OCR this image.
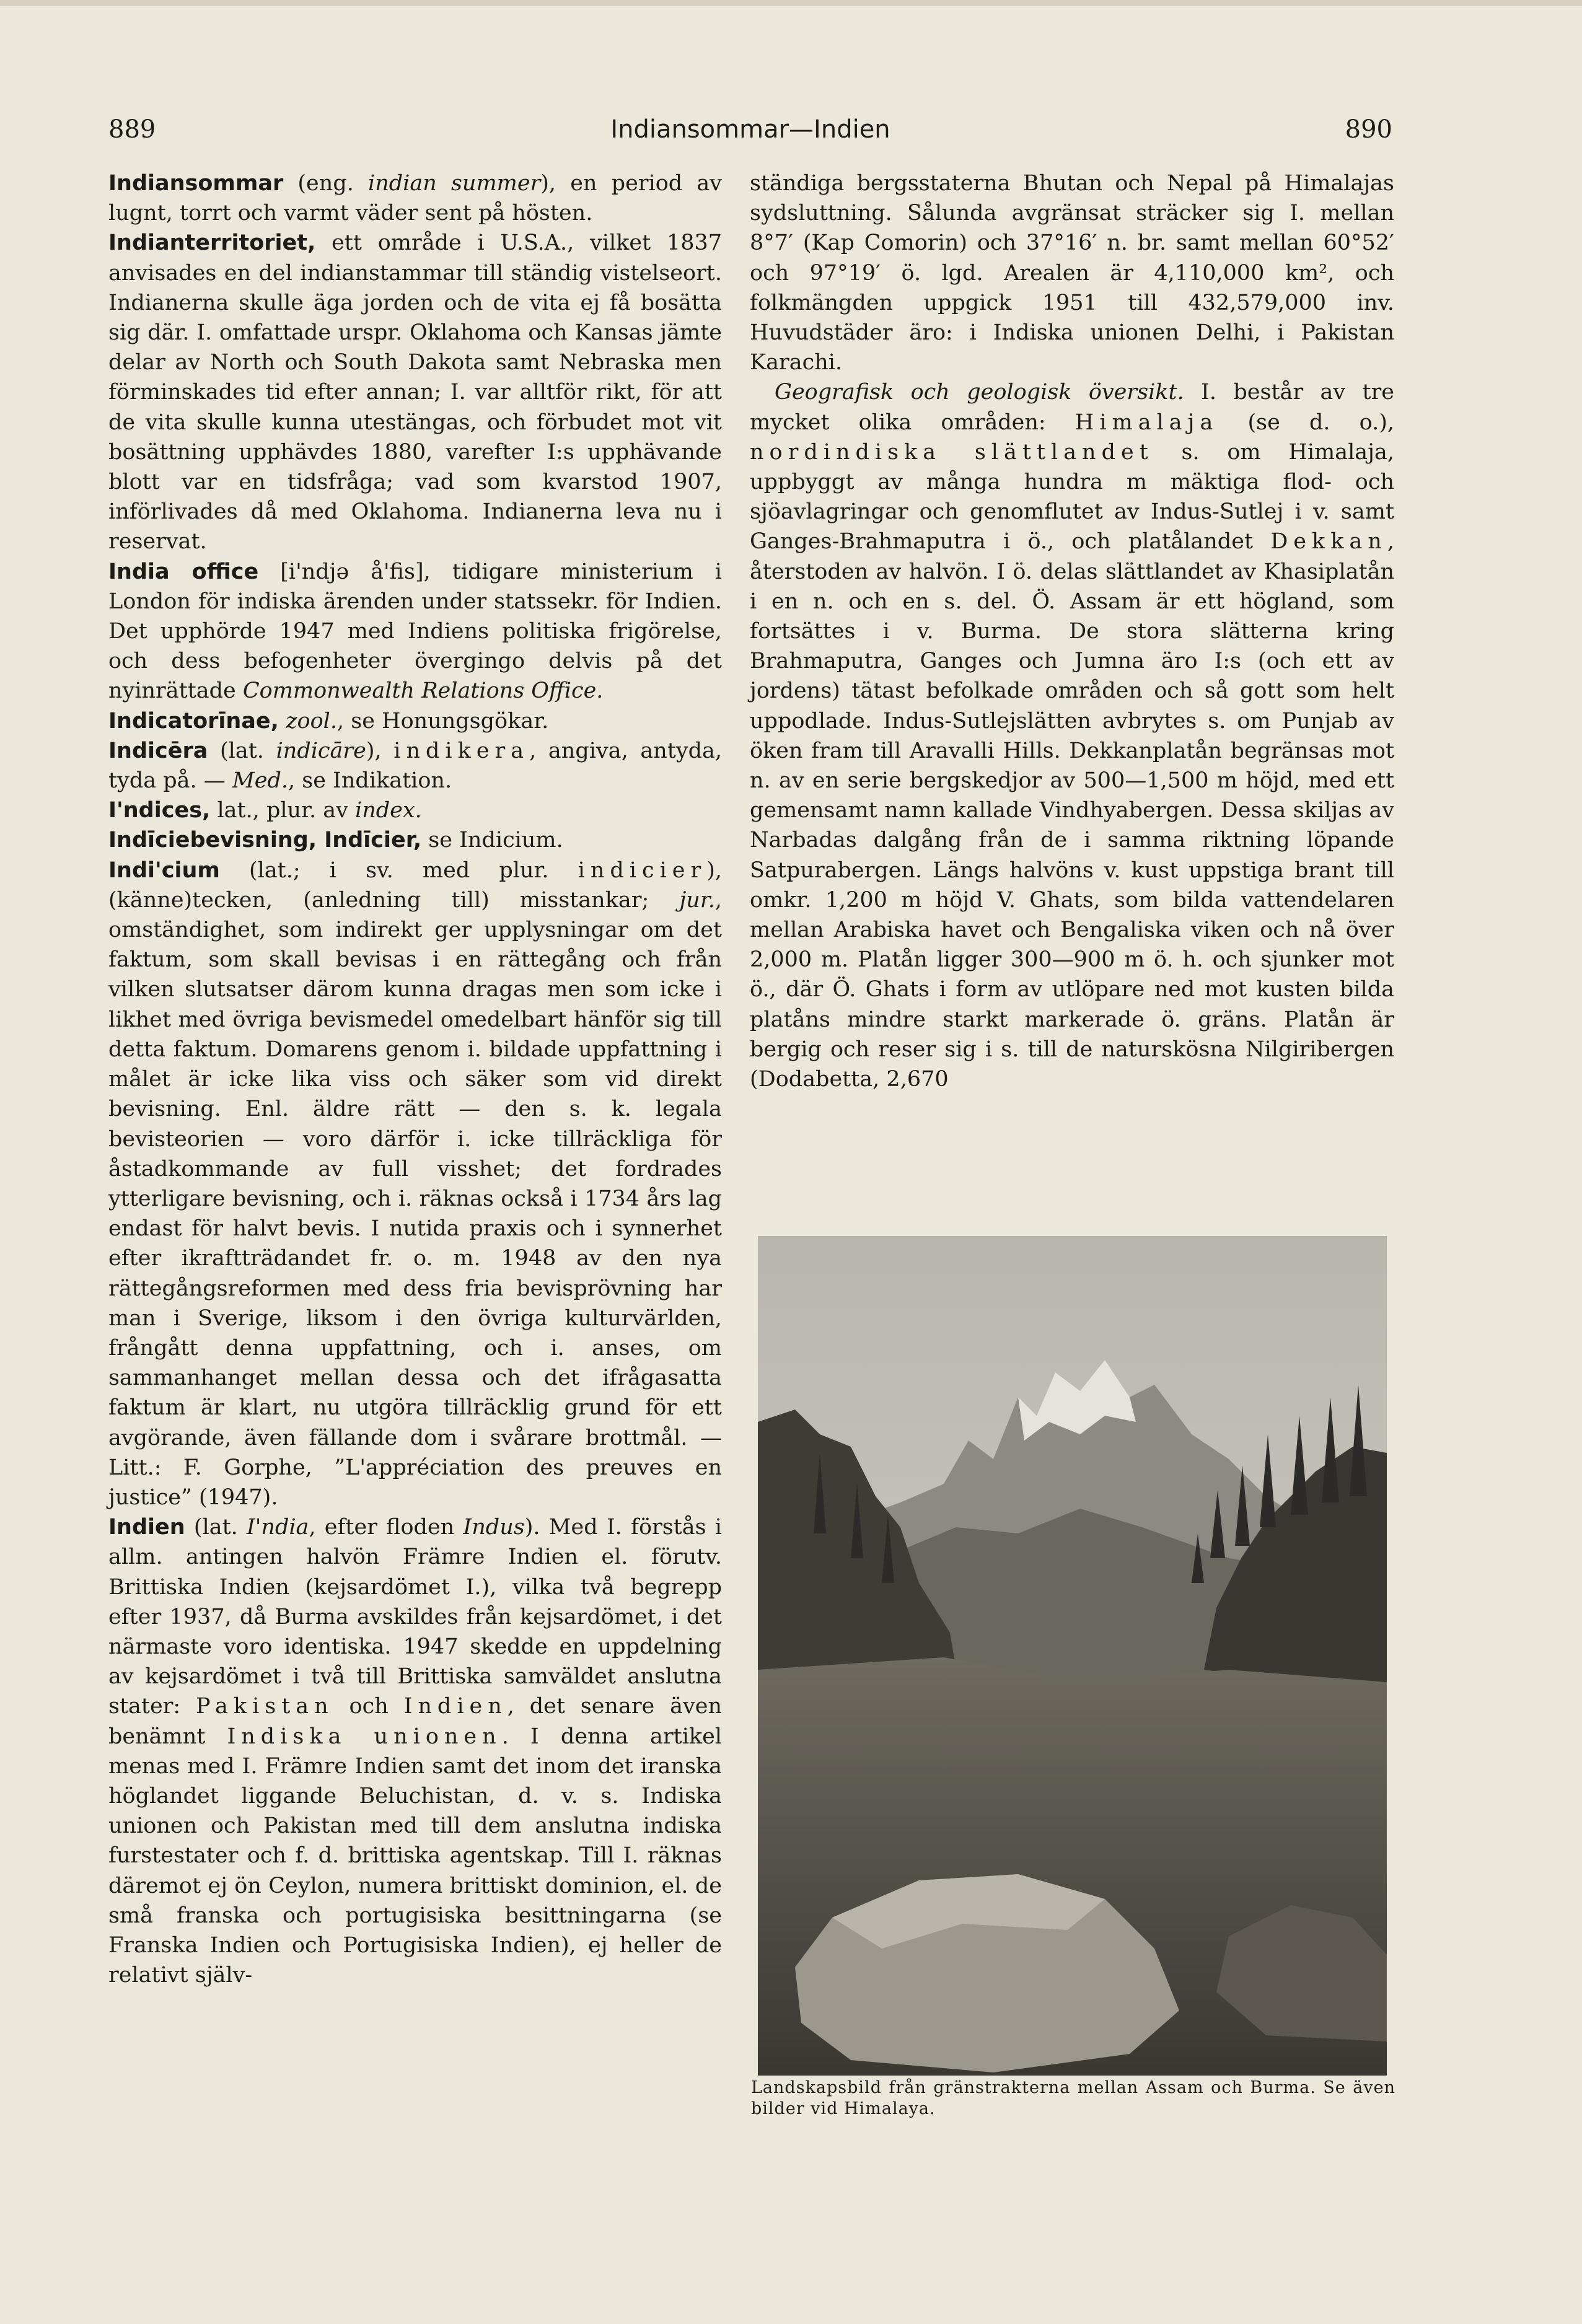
889	Indiansommar—Indien	890

Indiansommar (eng. indian summer), en period av lugnt, torrt och varmt väder sent på hösten.

Indianterritoriet, ett område i U.S.A., vilket 1837 anvisades en del indianstammar till ständig vistelseort. Indianerna skulle äga jorden och de vita ej få bosätta sig där. I. omfattade urspr. Oklahoma och Kansas jämte delar av North och South Dakota samt Nebraska men förminskades tid efter annan; I. var alltför rikt, för att de vita skulle kunna utestängas, och förbudet mot vit bosättning upphävdes 1880, varefter I:s upphävande blott var en tidsfråga; vad som kvarstod 1907, införlivades då med Oklahoma. Indianerna leva nu i reservat.

India office [i'ndjə å'fis], tidigare ministerium i London för indiska ärenden under statssekr. för Indien. Det upphörde 1947 med Indiens politiska frigörelse, och dess befogenheter övergingo delvis på det nyinrättade Commonwealth Relations Office.

Indicatorīnae, zool., se Honungsgökar.

Indicēra (lat. indicāre), indikera, angiva, antyda, tyda på. — Med., se Indikation.

I'ndices, lat., plur. av index.

Indīciebevisning, Indīcier, se Indicium.

Indi'cium (lat.; i sv. med plur. indicier), (känne)tecken, (anledning till) misstankar; jur., omständighet, som indirekt ger upplysningar om det faktum, som skall bevisas i en rättegång och från vilken slutsatser därom kunna dragas men som icke i likhet med övriga bevismedel omedelbart hänför sig till detta faktum. Domarens genom i. bildade uppfattning i målet är icke lika viss och säker som vid direkt bevisning. Enl. äldre rätt — den s. k. legala bevisteorien — voro därför i. icke tillräckliga för åstadkommande av full visshet; det fordrades ytterligare bevisning, och i. räknas också i 1734 års lag endast för halvt bevis. I nutida praxis och i synnerhet efter ikraftträdandet fr. o. m. 1948 av den nya rättegångsreformen med dess fria bevisprövning har man i Sverige, liksom i den övriga kulturvärlden, frångått denna uppfattning, och i. anses, om sammanhanget mellan dessa och det ifrågasatta faktum är klart, nu utgöra tillräcklig grund för ett avgörande, även fällande dom i svårare brottmål. — Litt.: F. Gorphe, ”L'appréciation des preuves en justice” (1947).

Indien (lat. I'ndia, efter floden Indus). Med I. förstås i allm. antingen halvön Främre Indien el. förutv. Brittiska Indien (kejsardömet I.), vilka två begrepp efter 1937, då Burma avskildes från kejsardömet, i det närmaste voro identiska. 1947 skedde en uppdelning av kejsardömet i två till Brittiska samväldet anslutna stater: Pakistan och Indien, det senare även benämnt Indiska unionen. I denna artikel menas med I. Främre Indien samt det inom det iranska höglandet liggande Beluchistan, d. v. s. Indiska unionen och Pakistan med till dem anslutna indiska furstestater och f. d. brittiska agentskap. Till I. räknas däremot ej ön Ceylon, numera brittiskt dominion, el. de små franska och portugisiska besittningarna (se Franska Indien och Portugisiska Indien), ej heller de relativt själv-

ständiga bergsstaterna Bhutan och Nepal på Himalajas sydsluttning. Sålunda avgränsat sträcker sig I. mellan 8°7′ (Kap Comorin) och 37°16′ n. br. samt mellan 60°52′ och 97°19′ ö. lgd. Arealen är 4,110,000 km², och folkmängden uppgick 1951 till 432,579,000 inv. Huvudstäder äro: i Indiska unionen Delhi, i Pakistan Karachi.

Geografisk och geologisk översikt. I. består av tre mycket olika områden: Himalaja (se d. o.), nordindiska slättlandet s. om Himalaja, uppbyggt av många hundra m mäktiga flod- och sjöavlagringar och genomflutet av Indus-Sutlej i v. samt Ganges-Brahmaputra i ö., och platålandet Dekkan, återstoden av halvön. I ö. delas slättlandet av Khasiplatån i en n. och en s. del. Ö. Assam är ett högland, som fortsättes i v. Burma. De stora slätterna kring Brahmaputra, Ganges och Jumna äro I:s (och ett av jordens) tätast befolkade områden och så gott som helt uppodlade. Indus-Sutlejslätten avbrytes s. om Punjab av öken fram till Aravalli Hills. Dekkanplatån begränsas mot n. av en serie bergskedjor av 500—1,500 m höjd, med ett gemensamt namn kallade Vindhyabergen. Dessa skiljas av Narbadas dalgång från de i samma riktning löpande Satpurabergen. Längs halvöns v. kust uppstiga brant till omkr. 1,200 m höjd V. Ghats, som bilda vattendelaren mellan Arabiska havet och Bengaliska viken och nå över 2,000 m. Platån ligger 300—900 m ö. h. och sjunker mot ö., där Ö. Ghats i form av utlöpare ned mot kusten bilda platåns mindre starkt markerade ö. gräns. Platån är bergig och reser sig i s. till de naturskösna Nilgiribergen (Dodabetta, 2,670

Landskapsbild från gränstrakterna mellan Assam och Burma. Se även bilder vid Himalaya.
